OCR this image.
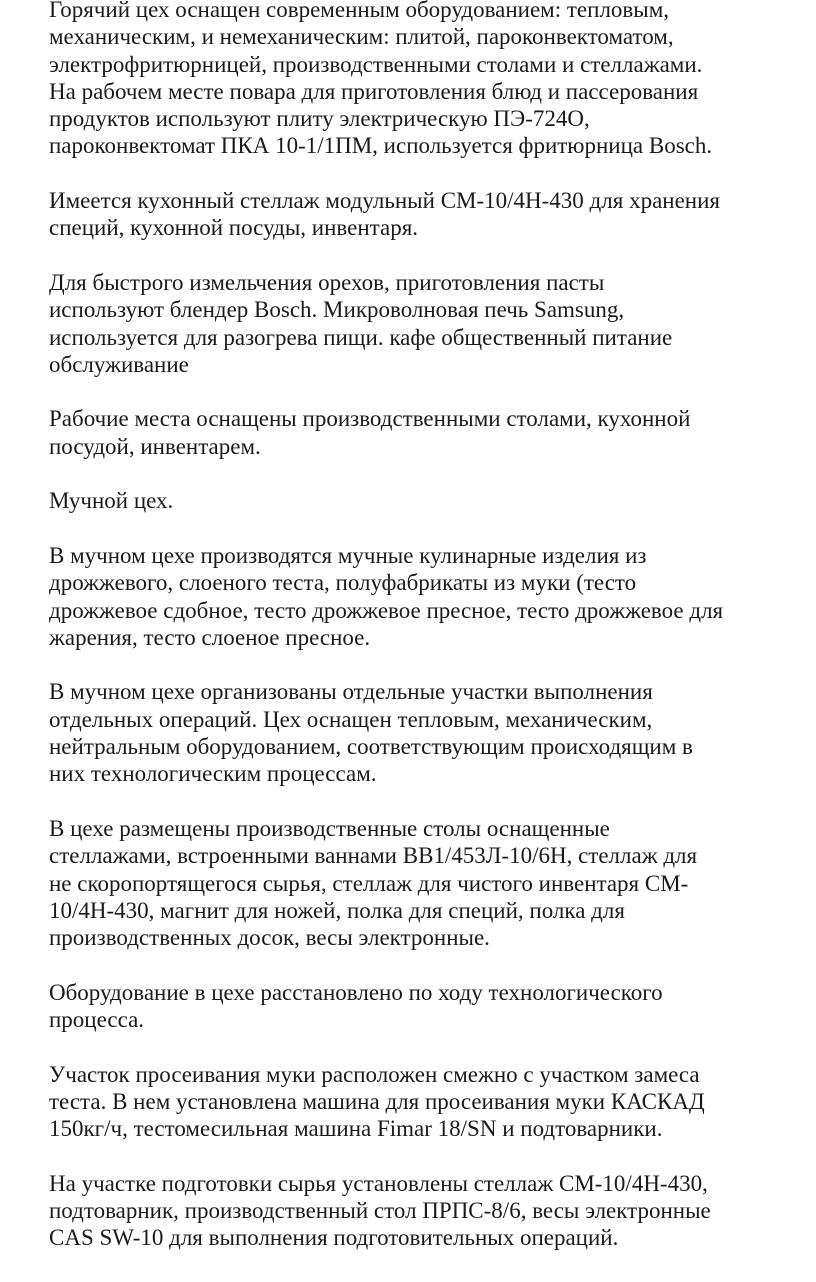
Горячий цех оснащен современным оборудованием: тепловым,
механическим, и немеханическим: плитой, пароконвектоматом,
электрофритюрницей, производственными столами и стеллажами.
На рабочем месте повара для приготовления блюд и пассерования
продуктов используют плиту электрическую ПЭ-724О,
пароконвектомат ПКА 10-1/1ПМ, используется фритюрница Bosch.

Имеется кухонный стеллаж модульный СМ-10/4Н-430 для хранения
специй, кухонной посуды, инвентаря.

Для быстрого измельчения орехов, приготовления пасты
используют блендер Bosch. Микроволновая печь Samsung,
используется для разогрева пищи. кафе общественный питание
обслуживание

Рабочие места оснащены производственными столами, кухонной
посудой, инвентарем.

Мучной цех.

В мучном цехе производятся мучные кулинарные изделия из
дрожжевого, слоеного теста, полуфабрикаты из муки (тесто
дрожжевое сдобное, тесто дрожжевое пресное, тесто дрожжевое для
жарения, тесто слоеное пресное.

В мучном цехе организованы отдельные участки выполнения
отдельных операций. Цех оснащен тепловым, механическим,
нейтральным оборудованием, соответствующим происходящим в
них технологическим процессам.

В цехе размещены производственные столы оснащенные
стеллажами, встроенными ваннами ВВ1/453Л-10/6Н, стеллаж для
не скоропортящегося сырья, стеллаж для чистого инвентаря СМ-
10/4Н-430, магнит для ножей, полка для специй, полка для
производственных досок, весы электронные.

Оборудование в цехе расстановлено по ходу технологического
процесса.

Участок просеивания муки расположен смежно с участком замеса
теста. В нем установлена машина для просеивания муки КАСКАД
150кг/ч, тестомесильная машина Fimar 18/SN и подтоварники.

На участке подготовки сырья установлены стеллаж СМ-10/4Н-430,
подтоварник, производственный стол ПРПС-8/6, весы электронные
CAS SW-10 для выполнения подготовительных операций.
